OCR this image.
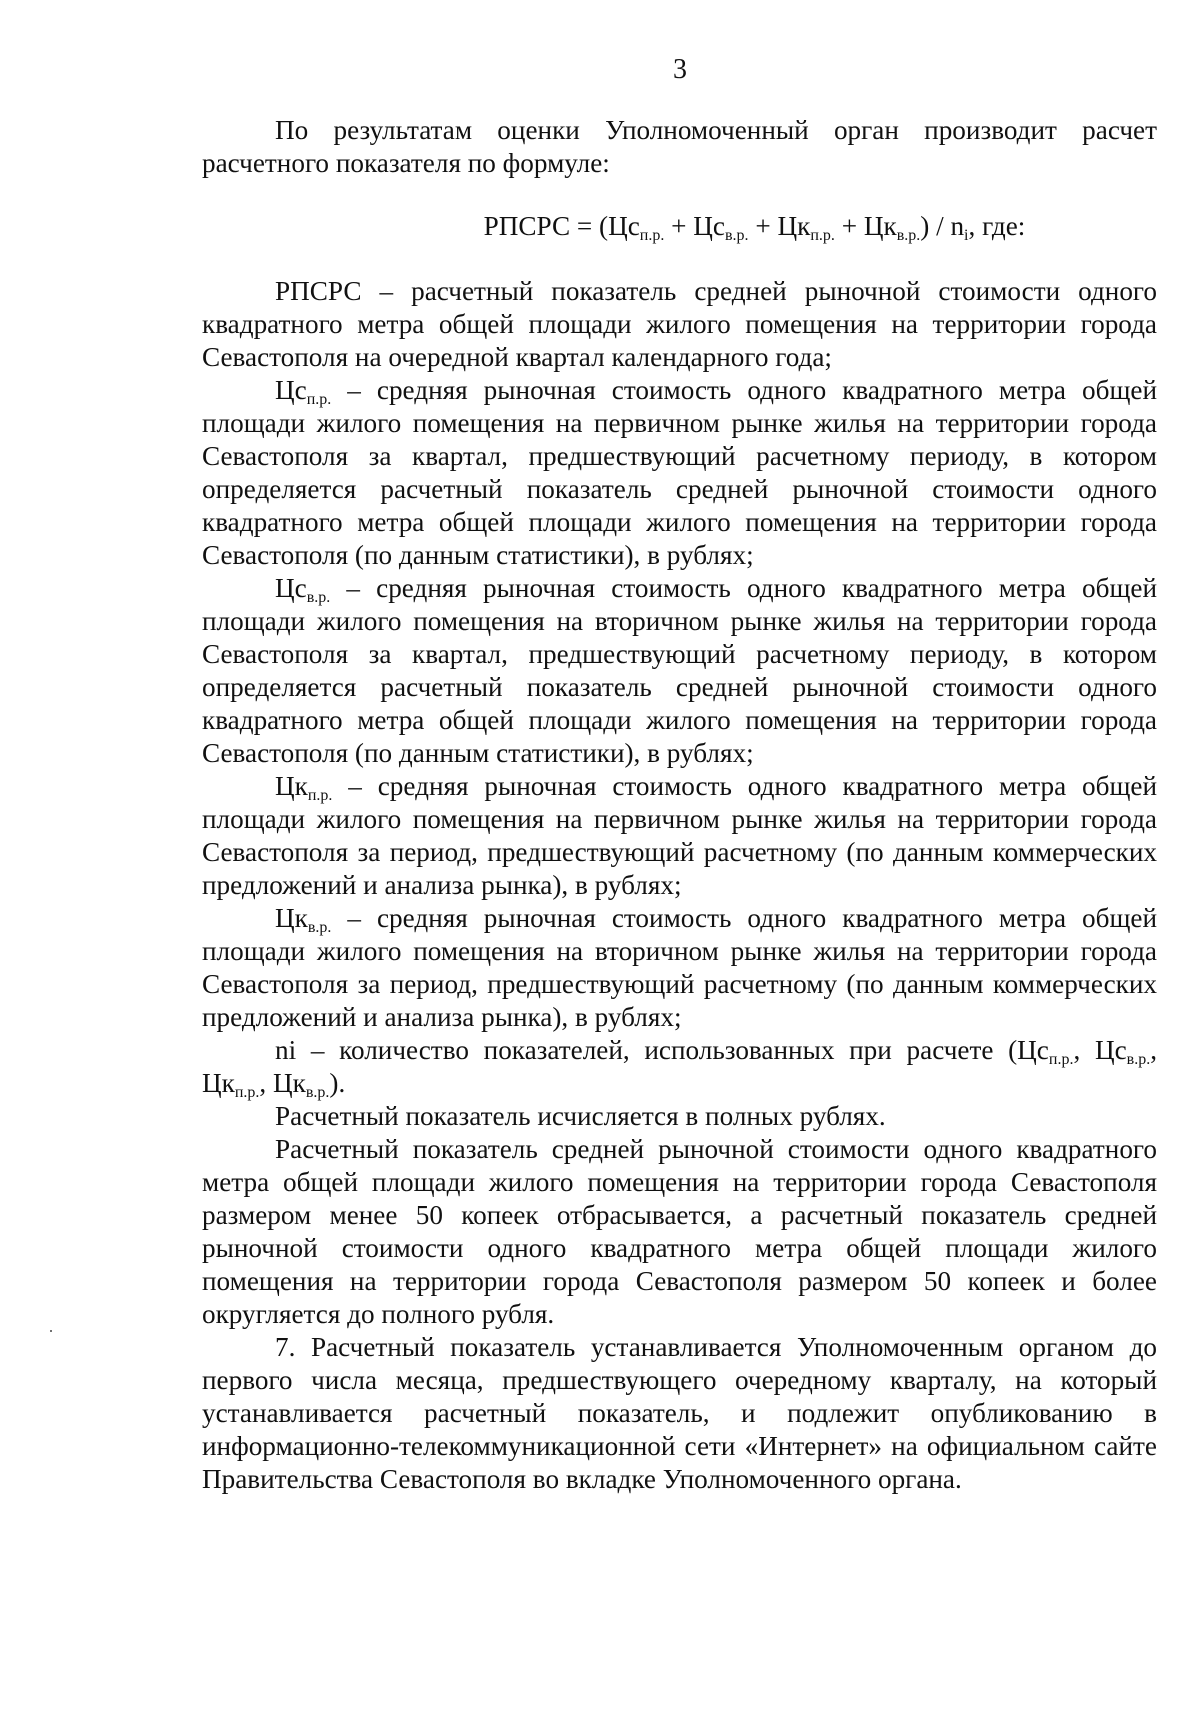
3

По результатам оценки Уполномоченный орган производит расчет расчетного показателя по формуле:

РПСРС = $(Цс_{п.р.} + Цс_{в.р.} + Цк_{п.р.} + Цк_{в.р.}) / n_i$, где:

РПСРС – расчетный показатель средней рыночной стоимости одного квадратного метра общей площади жилого помещения на территории города Севастополя на очередной квартал календарного года;

$Цс_{п.р.}$ – средняя рыночная стоимость одного квадратного метра общей площади жилого помещения на первичном рынке жилья на территории города Севастополя за квартал, предшествующий расчетному периоду, в котором определяется расчетный показатель средней рыночной стоимости одного квадратного метра общей площади жилого помещения на территории города Севастополя (по данным статистики), в рублях;

$Цс_{в.р.}$ – средняя рыночная стоимость одного квадратного метра общей площади жилого помещения на вторичном рынке жилья на территории города Севастополя за квартал, предшествующий расчетному периоду, в котором определяется расчетный показатель средней рыночной стоимости одного квадратного метра общей площади жилого помещения на территории города Севастополя (по данным статистики), в рублях;

$Цк_{п.р.}$ – средняя рыночная стоимость одного квадратного метра общей площади жилого помещения на первичном рынке жилья на территории города Севастополя за период, предшествующий расчетному (по данным коммерческих предложений и анализа рынка), в рублях;

$Цк_{в.р.}$ – средняя рыночная стоимость одного квадратного метра общей площади жилого помещения на вторичном рынке жилья на территории города Севастополя за период, предшествующий расчетному (по данным коммерческих предложений и анализа рынка), в рублях;

ni – количество показателей, использованных при расчете ($Цс_{п.р.}$, $Цс_{в.р.}$, $Цк_{п.р.}$, $Цк_{в.р.}$).

Расчетный показатель исчисляется в полных рублях.

Расчетный показатель средней рыночной стоимости одного квадратного метра общей площади жилого помещения на территории города Севастополя размером менее 50 копеек отбрасывается, а расчетный показатель средней рыночной стоимости одного квадратного метра общей площади жилого помещения на территории города Севастополя размером 50 копеек и более округляется до полного рубля.

7. Расчетный показатель устанавливается Уполномоченным органом до первого числа месяца, предшествующего очередному кварталу, на который устанавливается расчетный показатель, и подлежит опубликованию в информационно-телекоммуникационной сети «Интернет» на официальном сайте Правительства Севастополя во вкладке Уполномоченного органа.
